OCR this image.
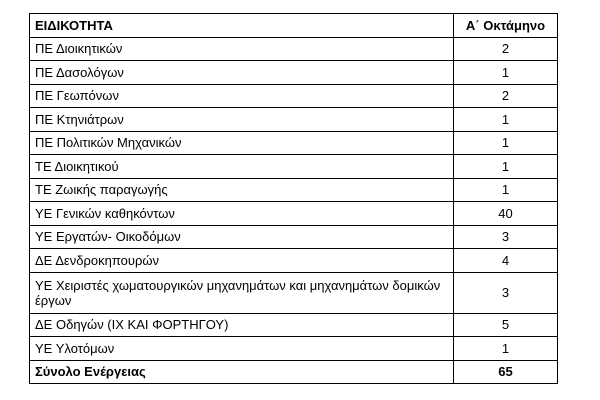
ΕΙΔΙΚΟΤΗΤΑ	Α΄ Οκτάμηνο
ΠΕ Διοικητικών	2
ΠΕ Δασολόγων	1
ΠΕ Γεωπόνων	2
ΠΕ Κτηνιάτρων	1
ΠΕ Πολιτικών Μηχανικών	1
ΤΕ Διοικητικού	1
ΤΕ Ζωικής παραγωγής	1
ΥΕ Γενικών καθηκόντων	40
ΥΕ Εργατών- Οικοδόμων	3
ΔΕ Δενδροκηπουρών	4
ΥΕ Χειριστές χωματουργικών μηχανημάτων και μηχανημάτων δομικών έργων	3
ΔΕ Οδηγών (ΙΧ ΚΑΙ ΦΟΡΤΗΓΟΥ)	5
ΥΕ Υλοτόμων	1
Σύνολο Ενέργειας	65
